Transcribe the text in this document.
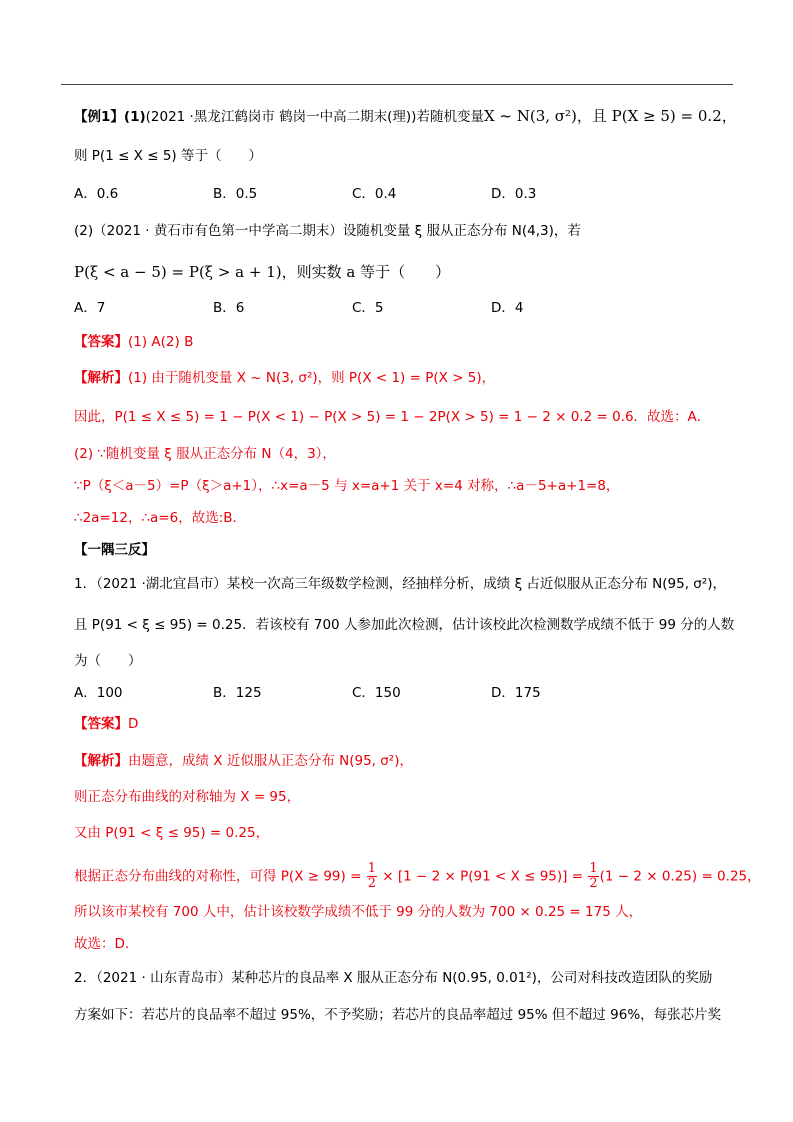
【例1】(1)(2021 ·黑龙江鹤岗市 鹤岗一中高二期末(理))若随机变量X ~ N(3, σ²)，且 P(X ≥ 5) = 0.2，
则 P(1 ≤ X ≤ 5) 等于（　　）
A．0.6	B．0.5	C．0.4	D．0.3
(2)（2021 · 黄石市有色第一中学高二期末）设随机变量 ξ 服从正态分布 N(4,3)，若
P(ξ < a − 5) = P(ξ > a + 1)，则实数 a 等于（　　）
A．7	B．6	C．5	D．4
【答案】(1) A(2) B
【解析】(1) 由于随机变量 X ~ N(3, σ²)，则 P(X < 1) = P(X > 5)，
因此，P(1 ≤ X ≤ 5) = 1 − P(X < 1) − P(X > 5) = 1 − 2P(X > 5) = 1 − 2 × 0.2 = 0.6．故选：A．
(2) ∵随机变量 ξ 服从正态分布 N（4，3），
∵P（ξ＜a－5）=P（ξ＞a+1），∴x=a－5 与 x=a+1 关于 x=4 对称，∴a－5+a+1=8，
∴2a=12，∴a=6，故选:B．
【一隅三反】
1．（2021 ·湖北宜昌市）某校一次高三年级数学检测，经抽样分析，成绩 ξ 占近似服从正态分布 N(95, σ²)，
且 P(91 < ξ ≤ 95) = 0.25．若该校有 700 人参加此次检测，估计该校此次检测数学成绩不低于 99 分的人数
为（　　）
A．100	B．125	C．150	D．175
【答案】D
【解析】由题意，成绩 X 近似服从正态分布 N(95, σ²)，
则正态分布曲线的对称轴为 X = 95，
又由 P(91 < ξ ≤ 95) = 0.25，
根据正态分布曲线的对称性，可得 $P(X \ge 99) = \frac{1}{2} \times [1 - 2 \times P(91 < X \le 95)] = \frac{1}{2} (1 - 2 \times 0.25) = 0.25$，
所以该市某校有 700 人中，估计该校数学成绩不低于 99 分的人数为 700 × 0.25 = 175 人，
故选：D．
2．（2021 · 山东青岛市）某种芯片的良品率 X 服从正态分布 N(0.95, 0.01²)，公司对科技改造团队的奖励
方案如下：若芯片的良品率不超过 95%，不予奖励；若芯片的良品率超过 95% 但不超过 96%，每张芯片奖
